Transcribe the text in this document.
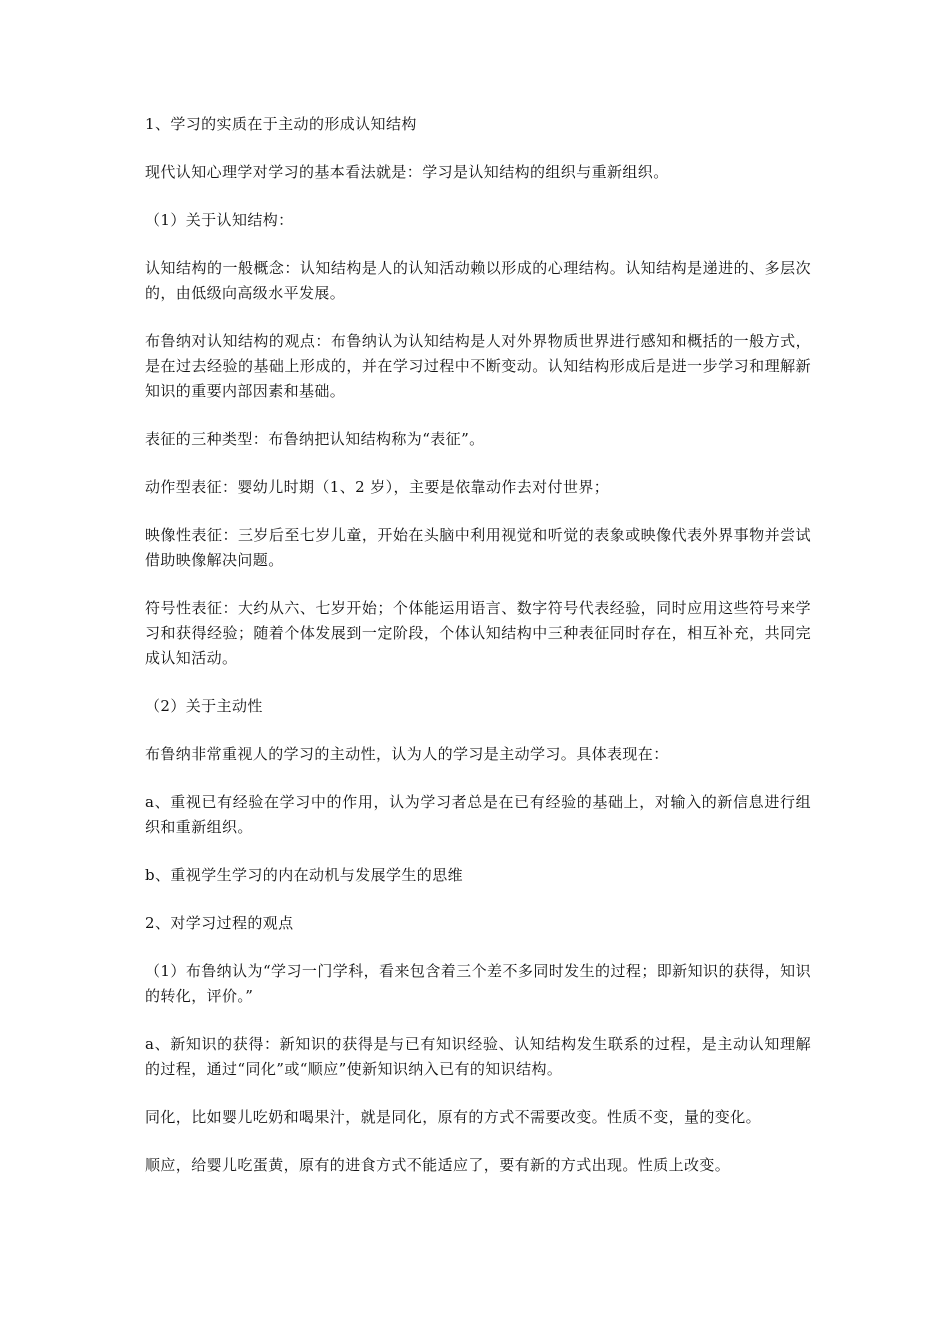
1、学习的实质在于主动的形成认知结构

现代认知心理学对学习的基本看法就是：学习是认知结构的组织与重新组织。

（1）关于认知结构：

认知结构的一般概念：认知结构是人的认知活动赖以形成的心理结构。认知结构是递进的、多层次的，由低级向高级水平发展。

布鲁纳对认知结构的观点：布鲁纳认为认知结构是人对外界物质世界进行感知和概括的一般方式，是在过去经验的基础上形成的，并在学习过程中不断变动。认知结构形成后是进一步学习和理解新知识的重要内部因素和基础。

表征的三种类型：布鲁纳把认知结构称为“表征”。

动作型表征：婴幼儿时期（1、2 岁），主要是依靠动作去对付世界；

映像性表征：三岁后至七岁儿童，开始在头脑中利用视觉和听觉的表象或映像代表外界事物并尝试借助映像解决问题。

符号性表征：大约从六、七岁开始；个体能运用语言、数字符号代表经验，同时应用这些符号来学习和获得经验；随着个体发展到一定阶段，个体认知结构中三种表征同时存在，相互补充，共同完成认知活动。

（2）关于主动性

布鲁纳非常重视人的学习的主动性，认为人的学习是主动学习。具体表现在：

a、重视已有经验在学习中的作用，认为学习者总是在已有经验的基础上，对输入的新信息进行组织和重新组织。

b、重视学生学习的内在动机与发展学生的思维

2、对学习过程的观点

（1）布鲁纳认为“学习一门学科，看来包含着三个差不多同时发生的过程；即新知识的获得，知识的转化，评价。”

a、新知识的获得：新知识的获得是与已有知识经验、认知结构发生联系的过程，是主动认知理解的过程，通过“同化”或“顺应”使新知识纳入已有的知识结构。

同化，比如婴儿吃奶和喝果汁，就是同化，原有的方式不需要改变。性质不变，量的变化。

顺应，给婴儿吃蛋黄，原有的进食方式不能适应了，要有新的方式出现。性质上改变。
